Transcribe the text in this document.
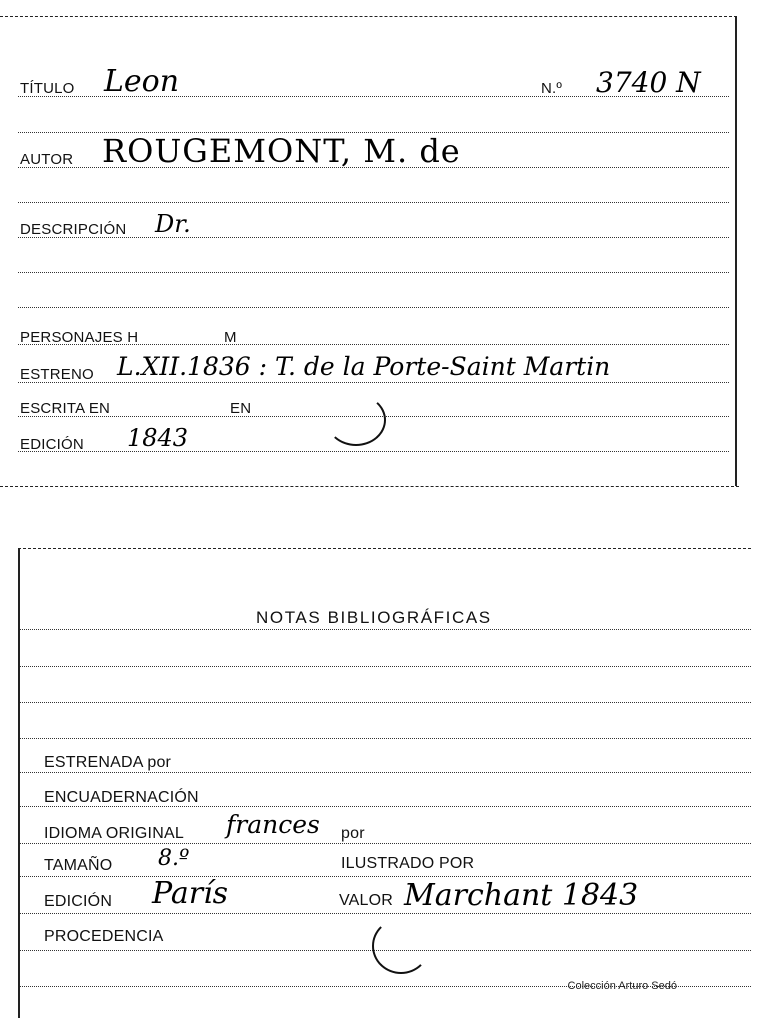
TÍTULO Leon	N.º 3740 N
AUTOR ROUGEMONT, M. de
DESCRIPCIÓN Dr.
PERSONAJES H	M
ESTRENO L.XII.1836 : T. de la Porte-Saint Martin
ESCRITA EN	EN
EDICIÓN 1843
NOTAS BIBLIOGRÁFICAS
ESTRENADA por
ENCUADERNACIÓN
IDIOMA ORIGINAL frances por
TAMAÑO 8.º	ILUSTRADO POR
EDICIÓN París	VALOR Marchant 1843
PROCEDENCIA
Colección Arturo Sedó
